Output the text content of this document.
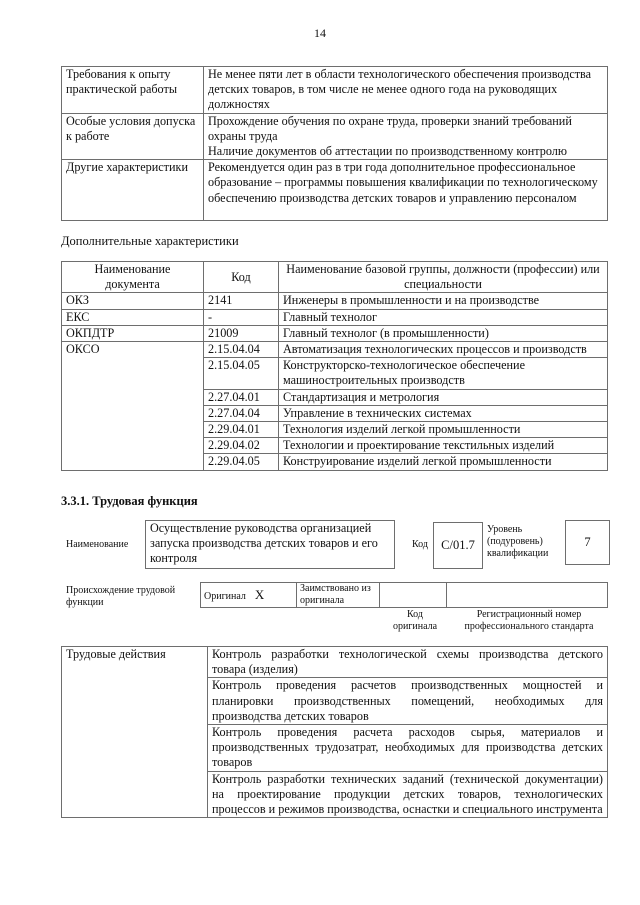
14
Требования к опыту практической работы	Не менее пяти лет в области технологического обеспечения производства детских товаров, в том числе не менее одного года на руководящих должностях
Особые условия допуска к работе	Прохождение обучения по охране труда, проверки знаний требований охраны труда
Наличие документов об аттестации по производственному контролю

Другие характеристики	Рекомендуется один раз в три года дополнительное профессиональное образование – программы повышения квалификации по технологическому обеспечению производства детских товаров и управлению персоналом
Дополнительные характеристики
Наименование документа	Код	Наименование базовой группы, должности (профессии) или специальности
ОКЗ	2141	Инженеры в промышленности и на производстве
ЕКС	-	Главный технолог
ОКПДТР	21009	Главный технолог (в промышленности)
ОКСО	2.15.04.04	Автоматизация технологических процессов и производств
	2.15.04.05	Конструкторско-технологическое обеспечение машиностроительных производств
	2.27.04.01	Стандартизация и метрология
	2.27.04.04	Управление в технических системах
	2.29.04.01	Технология изделий легкой промышленности
	2.29.04.02	Технологии и проектирование текстильных изделий
	2.29.04.05	Конструирование изделий легкой промышленности
3.3.1. Трудовая функция
Наименование
Осуществление руководства организацией запуска производства детских товаров и его контроля
Код	C/01.7
Уровень (подуровень) квалификации
7
Происхождение трудовой функции
Оригинал X	Заимствовано из оригинала		
Код оригинала
Регистрационный номер профессионального стандарта
Трудовые действия	Контроль разработки технологической схемы производства детского товара (изделия)
Контроль проведения расчетов производственных мощностей и планировки производственных помещений, необходимых для производства детских товаров
Контроль проведения расчета расходов сырья, материалов и производственных трудозатрат, необходимых для производства детских товаров
Контроль разработки технических заданий (технической документации) на проектирование продукции детских товаров, технологических процессов и режимов производства, оснастки и специального инструмента
